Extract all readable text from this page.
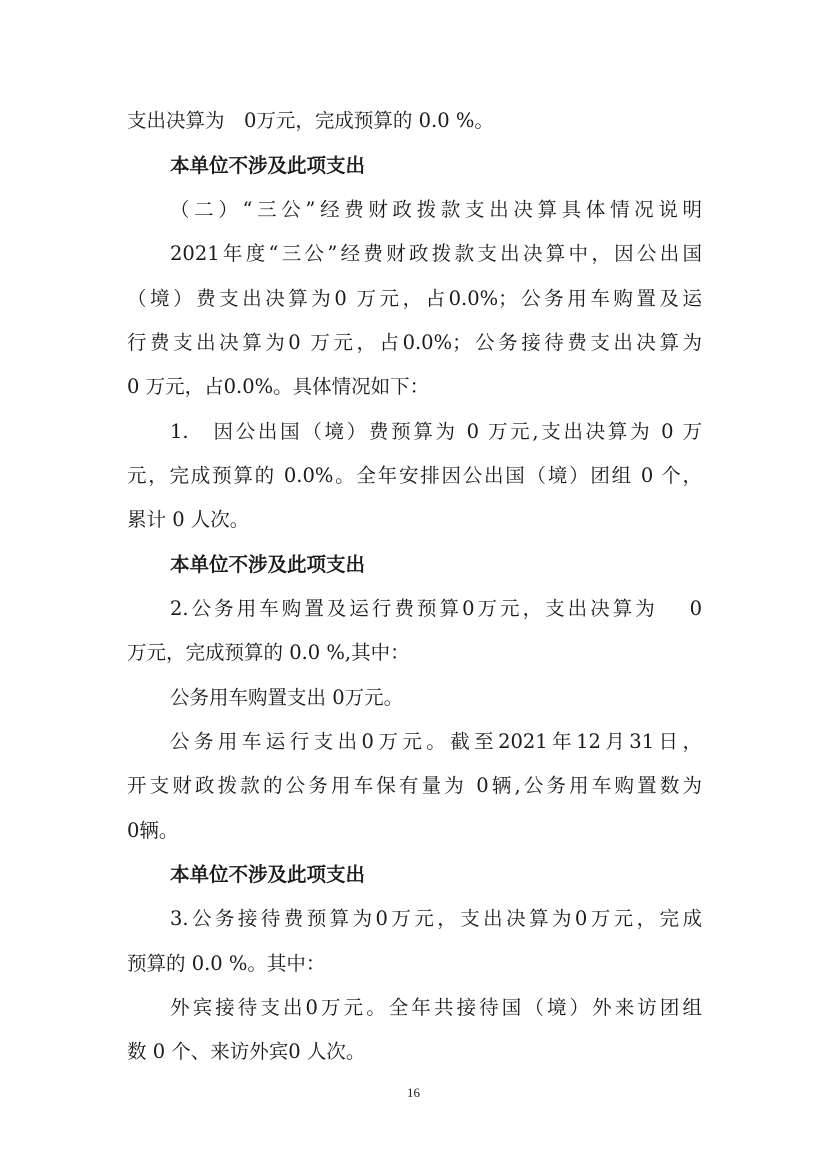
支出决算为　0万元，完成预算的 0.0 %。
本单位不涉及此项支出
（二）“三公”经费财政拨款支出决算具体情况说明
2021年度“三公”经费财政拨款支出决算中，因公出国
（境）费支出决算为0 万元，占0.0%；公务用车购置及运
行费支出决算为0 万元，占0.0%；公务接待费支出决算为
0 万元，占0.0%。具体情况如下：
1.　因公出国（境）费预算为 0 万元,支出决算为 0 万
元，完成预算的 0.0%。全年安排因公出国（境）团组 0 个，
累计 0 人次。
本单位不涉及此项支出
2.公务用车购置及运行费预算0万元，支出决算为　 0
万元，完成预算的 0.0 %,其中：
公务用车购置支出 0万元。
公务用车运行支出0万元。截至2021年12月31日，
开支财政拨款的公务用车保有量为 0辆,公务用车购置数为
0辆。
本单位不涉及此项支出
3.公务接待费预算为0万元，支出决算为0万元，完成
预算的 0.0 %。其中：
外宾接待支出0万元。全年共接待国（境）外来访团组
数 0 个、来访外宾0 人次。
16
